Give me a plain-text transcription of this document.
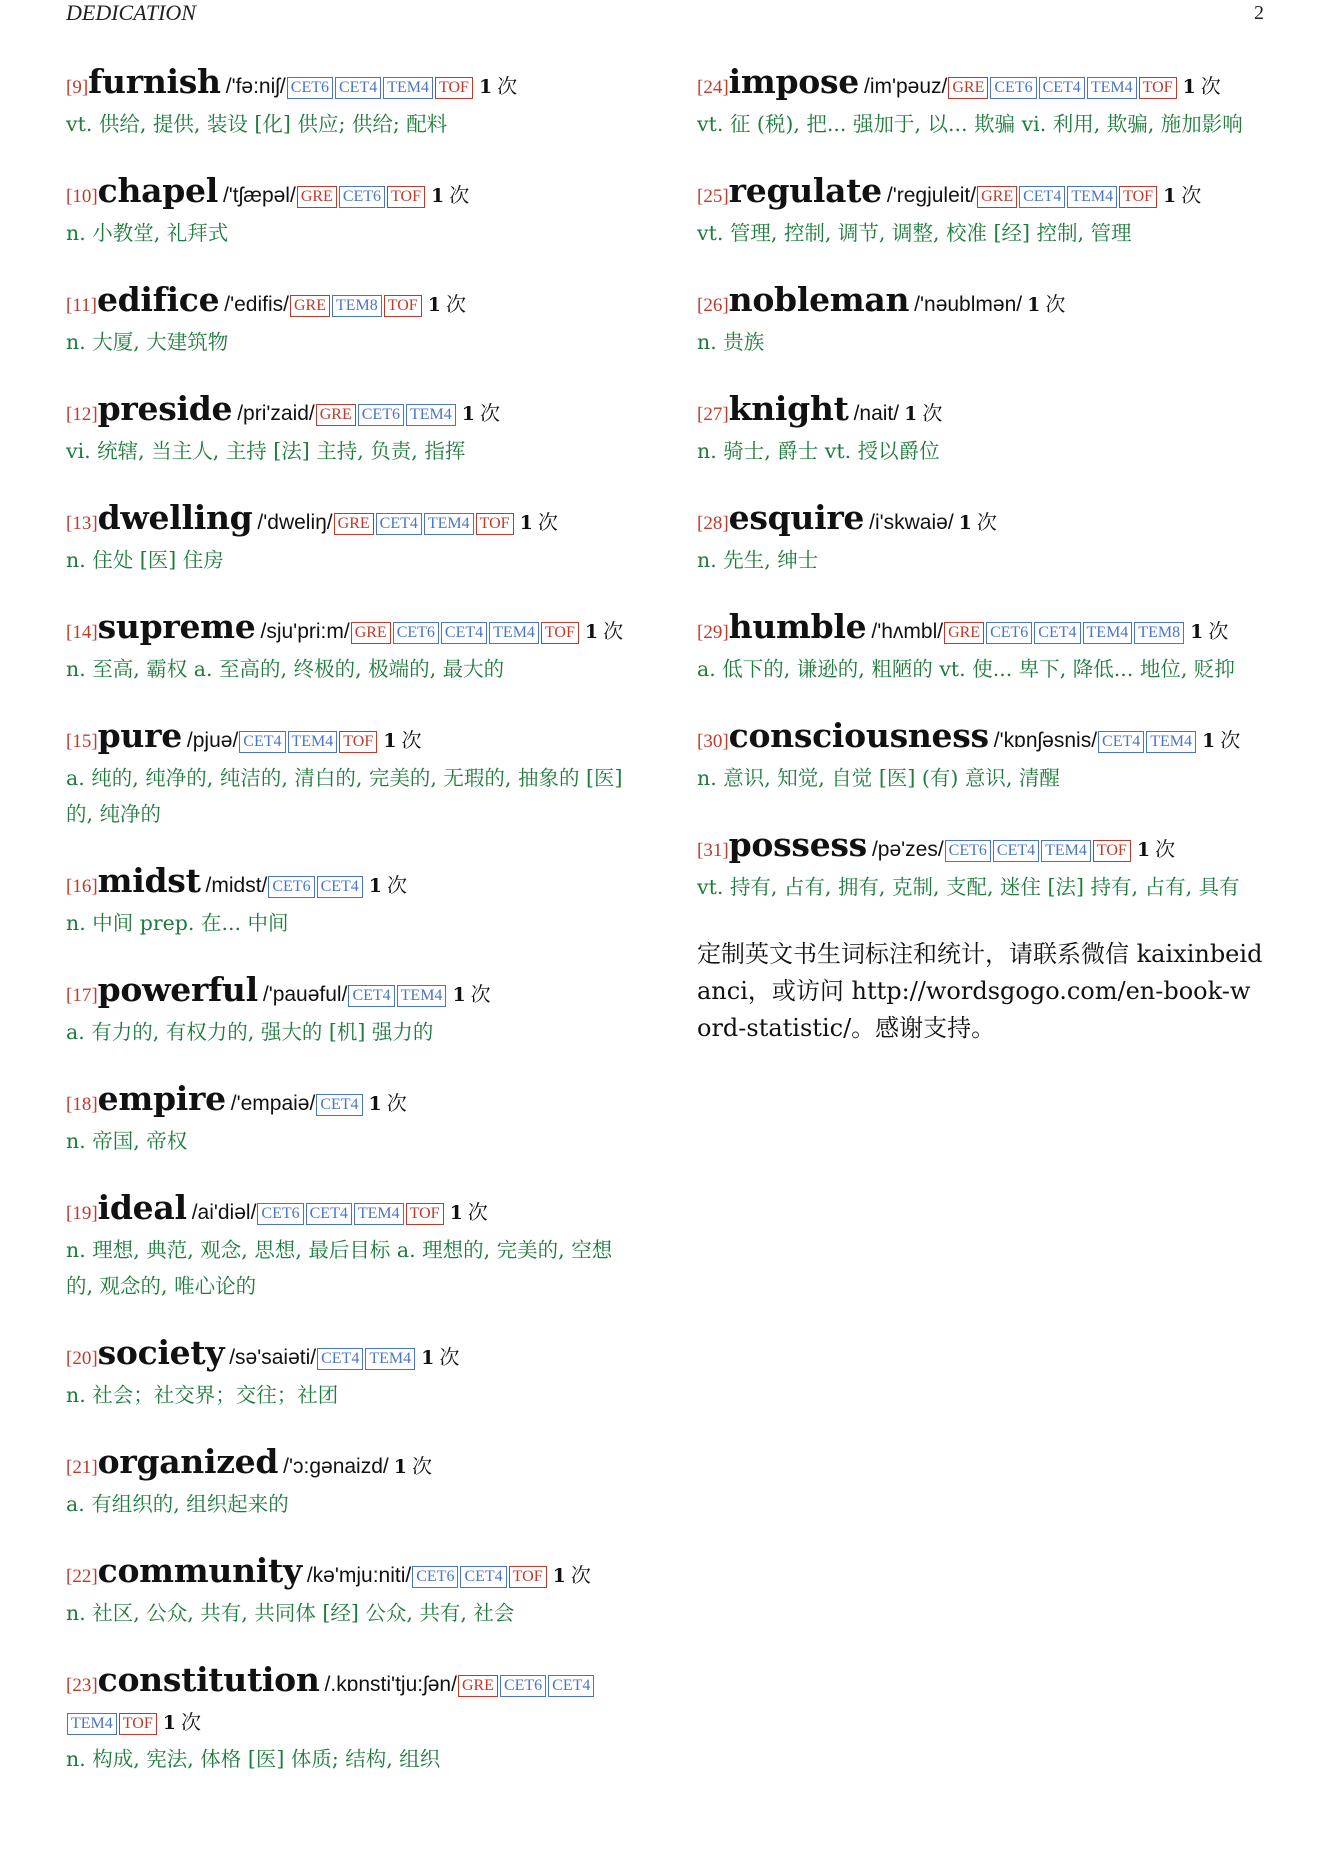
DEDICATION	2
[9]furnish /'fə:niʃ/ CET6 CET4 TEM4 TOF 1 次
vt. 供给, 提供, 装设 [化] 供应; 供给; 配料
[10]chapel /'tʃæpəl/ GRE CET6 TOF 1 次
n. 小教堂, 礼拜式
[11]edifice /'edifis/ GRE TEM8 TOF 1 次
n. 大厦, 大建筑物
[12]preside /pri'zaid/ GRE CET6 TEM4 1 次
vi. 统辖, 当主人, 主持 [法] 主持, 负责, 指挥
[13]dwelling /'dweliŋ/ GRE CET4 TEM4 TOF 1 次
n. 住处 [医] 住房
[14]supreme /sju'pri:m/ GRE CET6 CET4 TEM4 TOF 1 次
n. 至高, 霸权 a. 至高的, 终极的, 极端的, 最大的
[15]pure /pjuə/ CET4 TEM4 TOF 1 次
a. 纯的, 纯净的, 纯洁的, 清白的, 完美的, 无瑕的, 抽象的 [医] 的, 纯净的
[16]midst /midst/ CET6 CET4 1 次
n. 中间 prep. 在... 中间
[17]powerful /'pauəful/ CET4 TEM4 1 次
a. 有力的, 有权力的, 强大的 [机] 强力的
[18]empire /'empaiə/ CET4 1 次
n. 帝国, 帝权
[19]ideal /ai'diəl/ CET6 CET4 TEM4 TOF 1 次
n. 理想, 典范, 观念, 思想, 最后目标 a. 理想的, 完美的, 空想的, 观念的, 唯心论的
[20]society /sə'saiəti/ CET4 TEM4 1 次
n. 社会；社交界；交往；社团
[21]organized /'ɔ:gənaizd/ 1 次
a. 有组织的, 组织起来的
[22]community /kə'mju:niti/ CET6 CET4 TOF 1 次
n. 社区, 公众, 共有, 共同体 [经] 公众, 共有, 社会
[23]constitution /.kɒnsti'tju:ʃən/ GRE CET6 CET4TEM4 TOF 1 次
n. 构成, 宪法, 体格 [医] 体质; 结构, 组织
[24]impose /im'pəuz/ GRE CET6 CET4 TEM4 TOF 1 次
vt. 征 (税), 把... 强加于, 以... 欺骗 vi. 利用, 欺骗, 施加影响
[25]regulate /'regjuleit/ GRE CET4 TEM4 TOF 1 次
vt. 管理, 控制, 调节, 调整, 校准 [经] 控制, 管理
[26]nobleman /'nəublmən/ 1 次
n. 贵族
[27]knight /nait/ 1 次
n. 骑士, 爵士 vt. 授以爵位
[28]esquire /i'skwaiə/ 1 次
n. 先生, 绅士
[29]humble /'hʌmbl/ GRE CET6 CET4 TEM4 TEM8 1 次
a. 低下的, 谦逊的, 粗陋的 vt. 使... 卑下, 降低... 地位, 贬抑
[30]consciousness /'kɒnʃəsnis/ CET4 TEM4 1 次
n. 意识, 知觉, 自觉 [医] (有) 意识, 清醒
[31]possess /pə'zes/ CET6 CET4 TEM4 TOF 1 次
vt. 持有, 占有, 拥有, 克制, 支配, 迷住 [法] 持有, 占有, 具有
定制英文书生词标注和统计，请联系微信 kaixinbeidanci，或访问 http://wordsgogo.com/en-book-word-statistic/。感谢支持。
